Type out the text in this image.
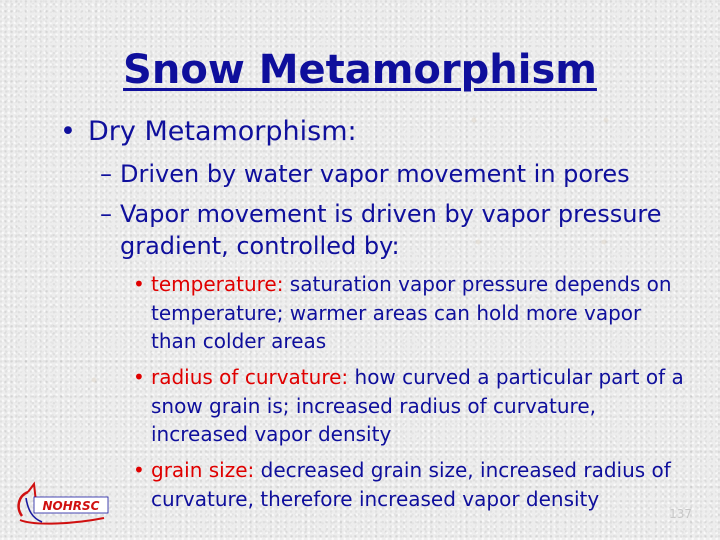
Snow Metamorphism
• Dry Metamorphism:
– Driven by water vapor movement in pores
– Vapor movement is driven by vapor pressure gradient, controlled by:
• temperature: saturation vapor pressure depends on temperature; warmer areas can hold more vapor than colder areas
• radius of curvature: how curved a particular part of a snow grain is; increased radius of curvature, increased vapor density
• grain size: decreased grain size, increased radius of curvature, therefore increased vapor density
NOHRSC
137
